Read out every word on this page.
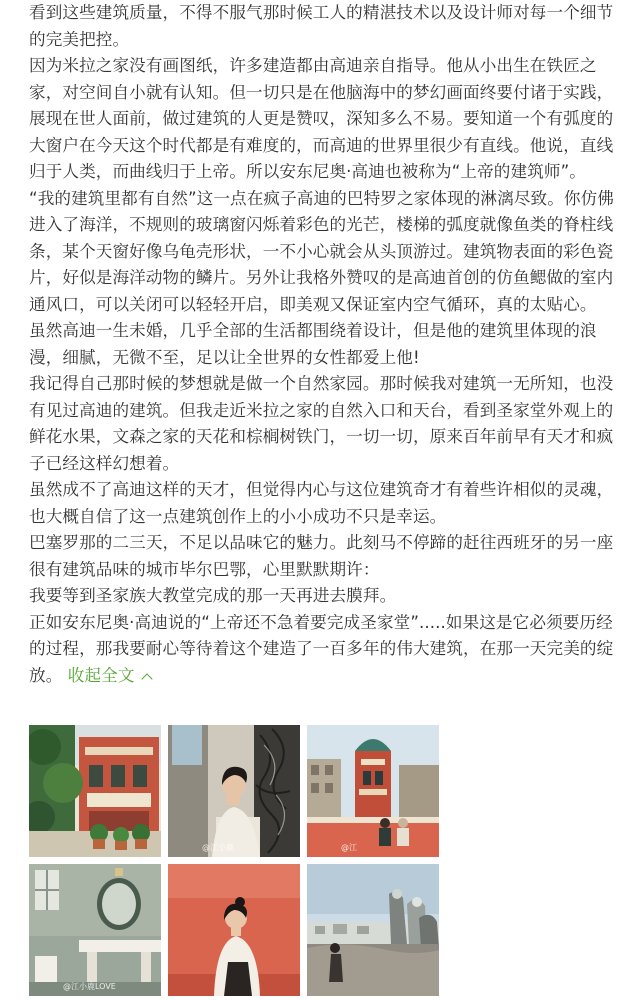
看到这些建筑质量，不得不服气那时候工人的精湛技术以及设计师对每一个细节的完美把控。

因为米拉之家没有画图纸，许多建造都由高迪亲自指导。他从小出生在铁匠之家，对空间自小就有认知。但一切只是在他脑海中的梦幻画面终要付诸于实践，展现在世人面前，做过建筑的人更是赞叹，深知多么不易。要知道一个有弧度的大窗户在今天这个时代都是有难度的，而高迪的世界里很少有直线。他说，直线归于人类，而曲线归于上帝。所以安东尼奥·高迪也被称为“上帝的建筑师”。

“我的建筑里都有自然”这一点在疯子高迪的巴特罗之家体现的淋漓尽致。你仿佛进入了海洋，不规则的玻璃窗闪烁着彩色的光芒，楼梯的弧度就像鱼类的脊柱线条，某个天窗好像乌龟壳形状，一不小心就会从头顶游过。建筑物表面的彩色瓷片，好似是海洋动物的鳞片。另外让我格外赞叹的是高迪首创的仿鱼鳃做的室内通风口，可以关闭可以轻轻开启，即美观又保证室内空气循环，真的太贴心。

虽然高迪一生未婚，几乎全部的生活都围绕着设计，但是他的建筑里体现的浪漫，细腻，无微不至，足以让全世界的女性都爱上他!

我记得自己那时候的梦想就是做一个自然家园。那时候我对建筑一无所知，也没有见过高迪的建筑。但我走近米拉之家的自然入口和天台，看到圣家堂外观上的鲜花水果，文森之家的天花和棕榈树铁门，一切一切，原来百年前早有天才和疯子已经这样幻想着。

虽然成不了高迪这样的天才，但觉得内心与这位建筑奇才有着些许相似的灵魂，也大概自信了这一点建筑创作上的小小成功不只是幸运。

巴塞罗那的二三天，不足以品味它的魅力。此刻马不停蹄的赶往西班牙的另一座很有建筑品味的城市毕尔巴鄂，心里默默期许：

我要等到圣家族大教堂完成的那一天再进去膜拜。

正如安东尼奥·高迪说的“上帝还不急着要完成圣家堂”.....如果这是它必须要历经的过程，那我要耐心等待着这个建造了一百多年的伟大建筑，在那一天完美的绽放。 收起全文

@江小鹿	@江
@江小鹿LOVE
